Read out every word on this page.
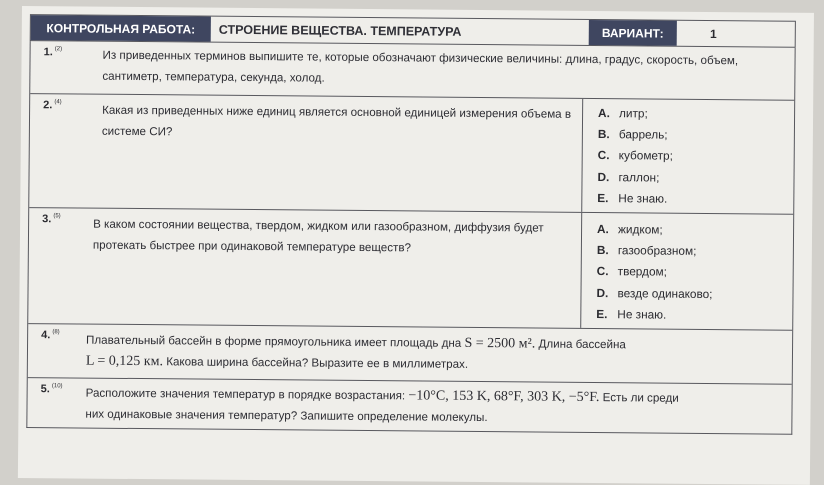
КОНТРОЛЬНАЯ РАБОТА:	СТРОЕНИЕ ВЕЩЕСТВА. ТЕМПЕРАТУРА	ВАРИАНТ:	1
1. $^{(2)}$	Из приведенных терминов выпишите те, которые обозначают физические величины: длина, градус, скорость, объем, сантиметр, температура, секунда, холод.
2. $^{(4)}$
Какая из приведенных ниже единиц является основной единицей измерения объема в системе СИ?
A. литр;
B. баррель;
C. кубометр;
D. галлон;
E. Не знаю.
3. $^{(5)}$
В каком состоянии вещества, твердом, жидком или газообразном, диффузия будет протекать быстрее при одинаковой температуре веществ?
A. жидком;
B. газообразном;
C. твердом;
D. везде одинаково;
E. Не знаю.
4. $^{(8)}$
Плавательный бассейн в форме прямоугольника имеет площадь дна S = 2500 м². Длина бассейна
L = 0,125 км. Какова ширина бассейна? Выразите ее в миллиметрах.
5. $^{(10)}$ Расположите значения температур в порядке возрастания: −10°C, 153 K, 68°F, 303 K, −5°F. Есть ли среди
них одинаковые значения температур? Запишите определение молекулы.
